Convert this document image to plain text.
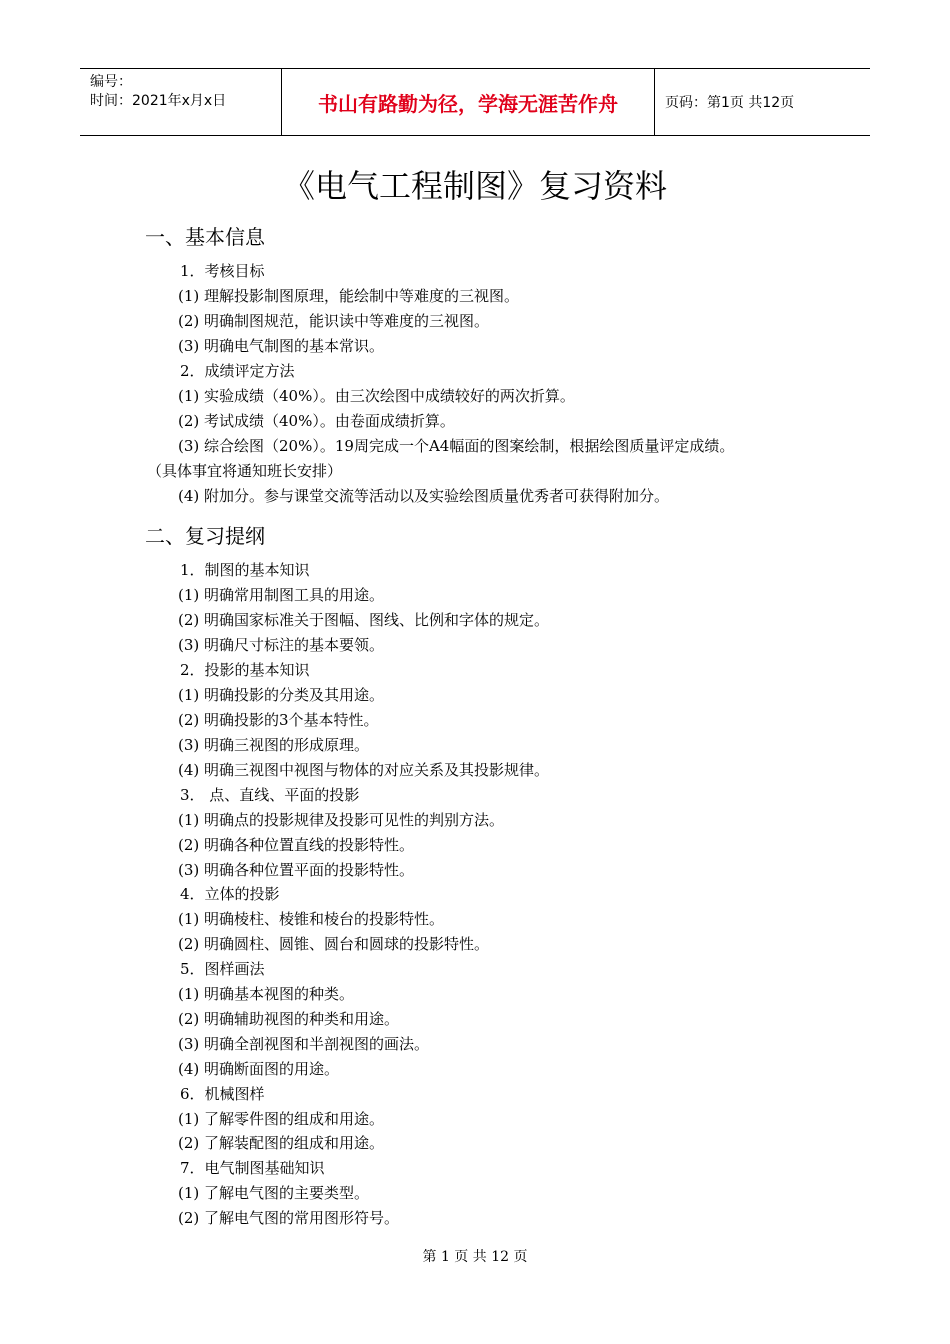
编号：
时间：2021年x月x日	书山有路勤为径，学海无涯苦作舟	页码：第1页 共12页
《电气工程制图》复习资料
一、基本信息
1．考核目标
(1) 理解投影制图原理，能绘制中等难度的三视图。
(2) 明确制图规范，能识读中等难度的三视图。
(3) 明确电气制图的基本常识。
2．成绩评定方法
(1) 实验成绩（40%）。由三次绘图中成绩较好的两次折算。
(2) 考试成绩（40%）。由卷面成绩折算。
(3) 综合绘图（20%）。19周完成一个A4幅面的图案绘制，根据绘图质量评定成绩。
（具体事宜将通知班长安排）
(4) 附加分。参与课堂交流等活动以及实验绘图质量优秀者可获得附加分。
二、复习提纲
1．制图的基本知识
(1) 明确常用制图工具的用途。
(2) 明确国家标准关于图幅、图线、比例和字体的规定。
(3) 明确尺寸标注的基本要领。
2．投影的基本知识
(1) 明确投影的分类及其用途。
(2) 明确投影的3个基本特性。
(3) 明确三视图的形成原理。
(4) 明确三视图中视图与物体的对应关系及其投影规律。
3． 点、直线、平面的投影
(1) 明确点的投影规律及投影可见性的判别方法。
(2) 明确各种位置直线的投影特性。
(3) 明确各种位置平面的投影特性。
4．立体的投影
(1) 明确棱柱、棱锥和棱台的投影特性。
(2) 明确圆柱、圆锥、圆台和圆球的投影特性。
5．图样画法
(1) 明确基本视图的种类。
(2) 明确辅助视图的种类和用途。
(3) 明确全剖视图和半剖视图的画法。
(4) 明确断面图的用途。
6．机械图样
(1) 了解零件图的组成和用途。
(2) 了解装配图的组成和用途。
7．电气制图基础知识
(1) 了解电气图的主要类型。
(2) 了解电气图的常用图形符号。
第 1 页 共 12 页
